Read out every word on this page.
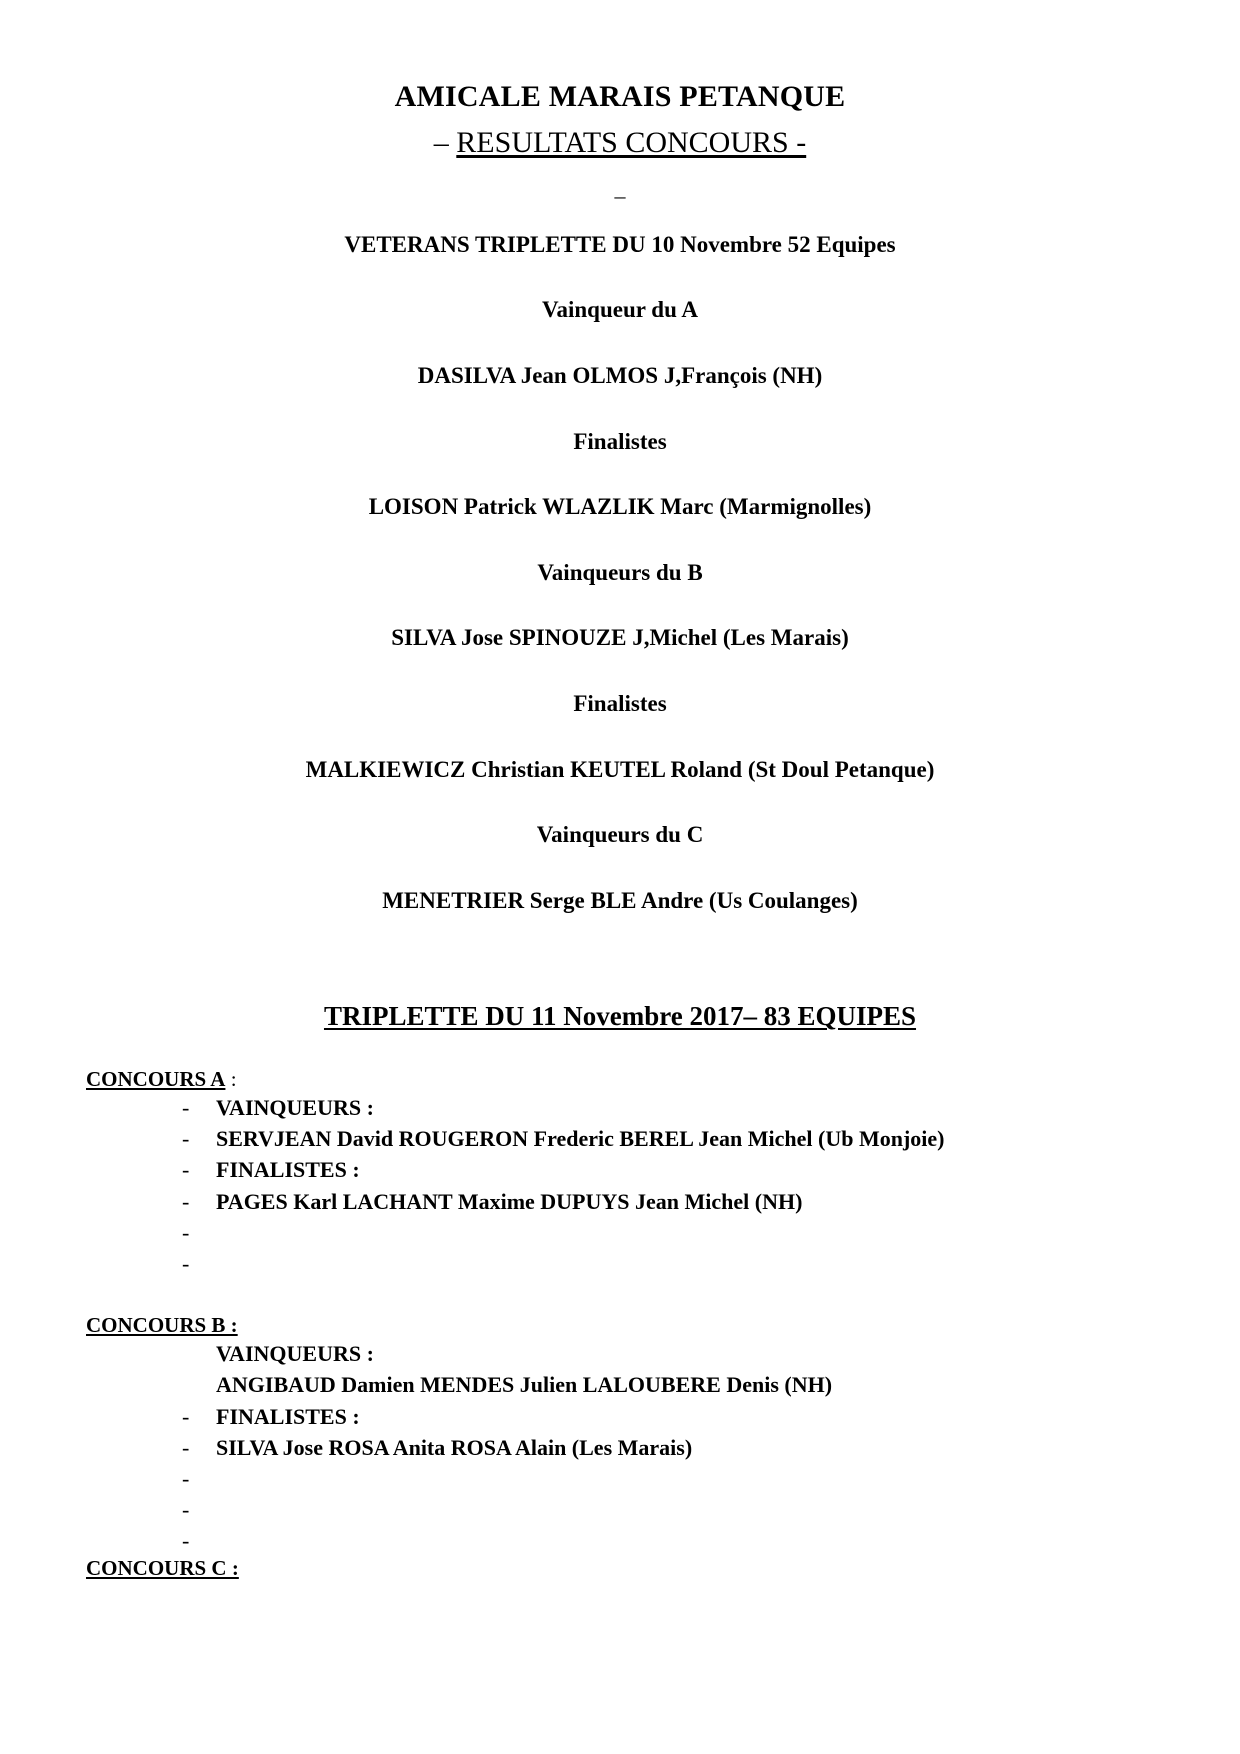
AMICALE MARAIS PETANQUE
– RESULTATS CONCOURS -
–
VETERANS TRIPLETTE DU 10 Novembre 52 Equipes
Vainqueur du A
DASILVA Jean OLMOS J,François (NH)
Finalistes
LOISON Patrick WLAZLIK Marc (Marmignolles)
Vainqueurs du B
SILVA Jose SPINOUZE J,Michel (Les Marais)
Finalistes
MALKIEWICZ Christian KEUTEL Roland (St Doul Petanque)
Vainqueurs du C
MENETRIER Serge BLE Andre (Us Coulanges)
TRIPLETTE DU 11 Novembre 2017– 83 EQUIPES
CONCOURS A :
- VAINQUEURS :
- SERVJEAN David ROUGERON Frederic BEREL Jean Michel (Ub Monjoie)
- FINALISTES :
- PAGES Karl LACHANT Maxime DUPUYS Jean Michel (NH)
-
-
CONCOURS B :
VAINQUEURS :
ANGIBAUD Damien MENDES Julien LALOUBERE Denis (NH)
- FINALISTES :
- SILVA Jose ROSA Anita ROSA Alain (Les Marais)
-
-
-
CONCOURS C :
